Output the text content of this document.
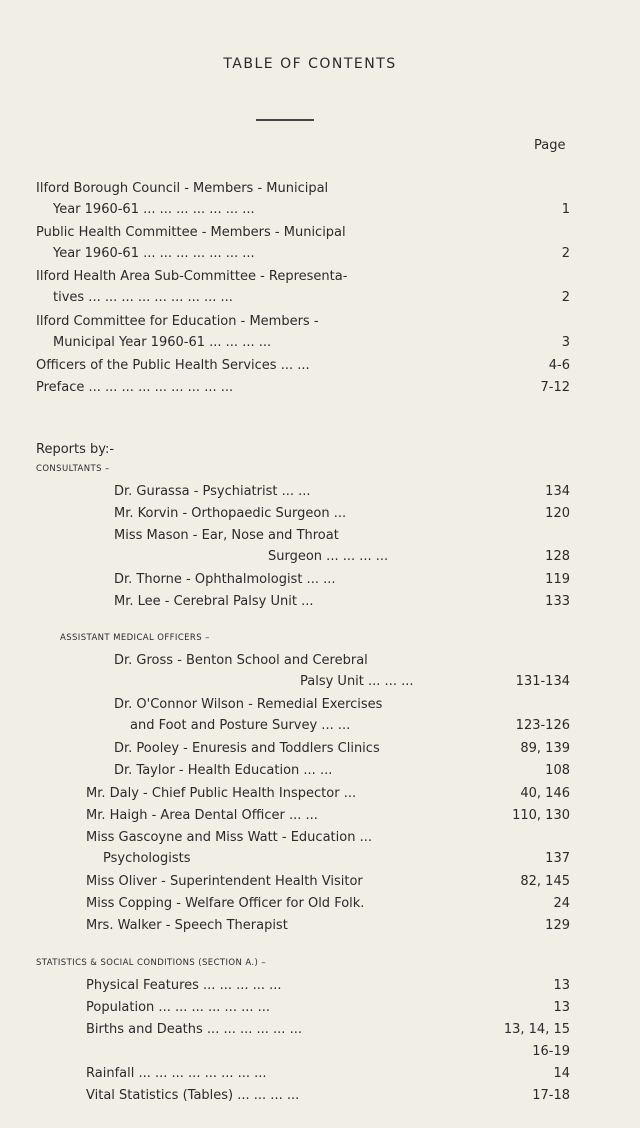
TABLE OF CONTENTS
Page
Ilford Borough Council - Members - Municipal
Year 1960-61 ... ... ... ... ... ... ...	1
Public Health Committee - Members - Municipal
Year 1960-61 ... ... ... ... ... ... ...	2
Ilford Health Area Sub-Committee - Representa-
tives ... ... ... ... ... ... ... ... ...	2
Ilford Committee for Education - Members -
Municipal Year 1960-61 ... ... ... ...	3
Officers of the Public Health Services ... ...	4-6
Preface ... ... ... ... ... ... ... ... ...	7-12
Reports by:-
CONSULTANTS –
Dr. Gurassa - Psychiatrist ... ...	134
Mr. Korvin - Orthopaedic Surgeon ...	120
Miss Mason - Ear, Nose and Throat
Surgeon ... ... ... ...	128
Dr. Thorne - Ophthalmologist ... ...	119
Mr. Lee - Cerebral Palsy Unit ...	133
ASSISTANT MEDICAL OFFICERS –
Dr. Gross - Benton School and Cerebral
Palsy Unit ... ... ...	131-134
Dr. O'Connor Wilson - Remedial Exercises
and Foot and Posture Survey ... ...	123-126
Dr. Pooley - Enuresis and Toddlers Clinics	89, 139
Dr. Taylor - Health Education ... ...	108
Mr. Daly - Chief Public Health Inspector ...	40, 146
Mr. Haigh - Area Dental Officer ... ...	110, 130
Miss Gascoyne and Miss Watt - Education ...
Psychologists	137
Miss Oliver - Superintendent Health Visitor	82, 145
Miss Copping - Welfare Officer for Old Folk.	24
Mrs. Walker - Speech Therapist	129
STATISTICS & SOCIAL CONDITIONS (SECTION A.) –
Physical Features ... ... ... ... ...	13
Population ... ... ... ... ... ... ...	13
Births and Deaths ... ... ... ... ... ...	13, 14, 15
16-19
Rainfall ... ... ... ... ... ... ... ...	14
Vital Statistics (Tables) ... ... ... ...	17-18
